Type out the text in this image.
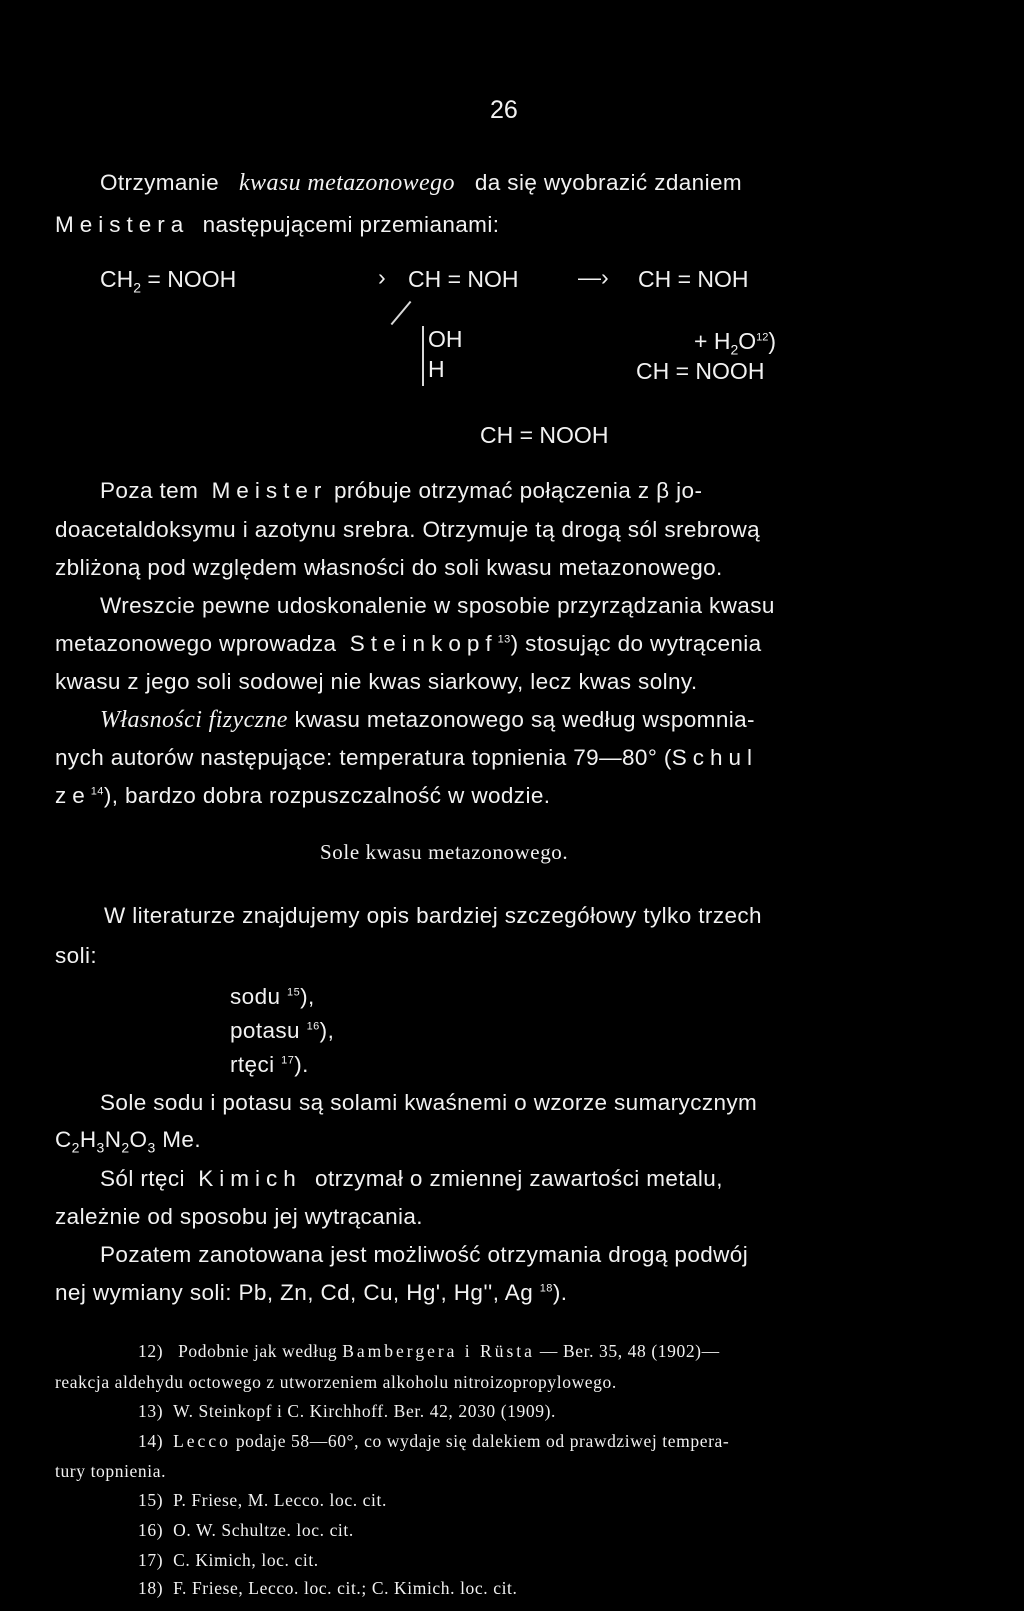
26
Otrzymanie kwasu metazonowego da się wyobrazić zdaniem
Meistera następującemi przemianami:
$CH_2$ = NOOH	› CH = NOH	—› CH = NOH
OH	+ $H_2O^{12}$)
H	CH = NOOH
CH = NOOH
Poza tem Meister próbuje otrzymać połączenia z β jo-
doacetaldoksymu i azotynu srebra. Otrzymuje tą drogą sól srebrową
zbliżoną pod względem własności do soli kwasu metazonowego.
Wreszcie pewne udoskonalenie w sposobie przyrządzania kwasu
metazonowego wprowadza Steinkopf$^{13}$) stosując do wytrącenia
kwasu z jego soli sodowej nie kwas siarkowy, lecz kwas solny.
Własności fizyczne kwasu metazonowego są według wspomnia-
nych autorów następujące: temperatura topnienia 79—80° (Schul
$ze^{14}$), bardzo dobra rozpuszczalność w wodzie.
Sole kwasu metazonowego.
W literaturze znajdujemy opis bardziej szczegółowy tylko trzech
soli:
sodu $^{15}$),
potasu $^{16}$),
rtęci $^{17}$).
Sole sodu i potasu są solami kwaśnemi o wzorze sumarycznym
$C_2H_3N_2O_3$ Me.
Sól rtęci Kimich otrzymał o zmiennej zawartości metalu,
zależnie od sposobu jej wytrącania.
Pozatem zanotowana jest możliwość otrzymania drogą podwój
nej wymiany soli: Pb, Zn, Cd, Cu, Hg', Hg'', Ag $^{18}$).
12) Podobnie jak według Bambergera i Rüsta — Ber. 35, 48 (1902)—
reakcja aldehydu octowego z utworzeniem alkoholu nitroizopropylowego.
13) W. Steinkopf i C. Kirchhoff. Ber. 42, 2030 (1909).
14) Lecco podaje 58—60°, co wydaje się dalekiem od prawdziwej tempera-
tury topnienia.
15) P. Friese, M. Lecco. loc. cit.
16) O. W. Schultze. loc. cit.
17) C. Kimich, loc. cit.
18) F. Friese, Lecco. loc. cit.; C. Kimich. loc. cit.
